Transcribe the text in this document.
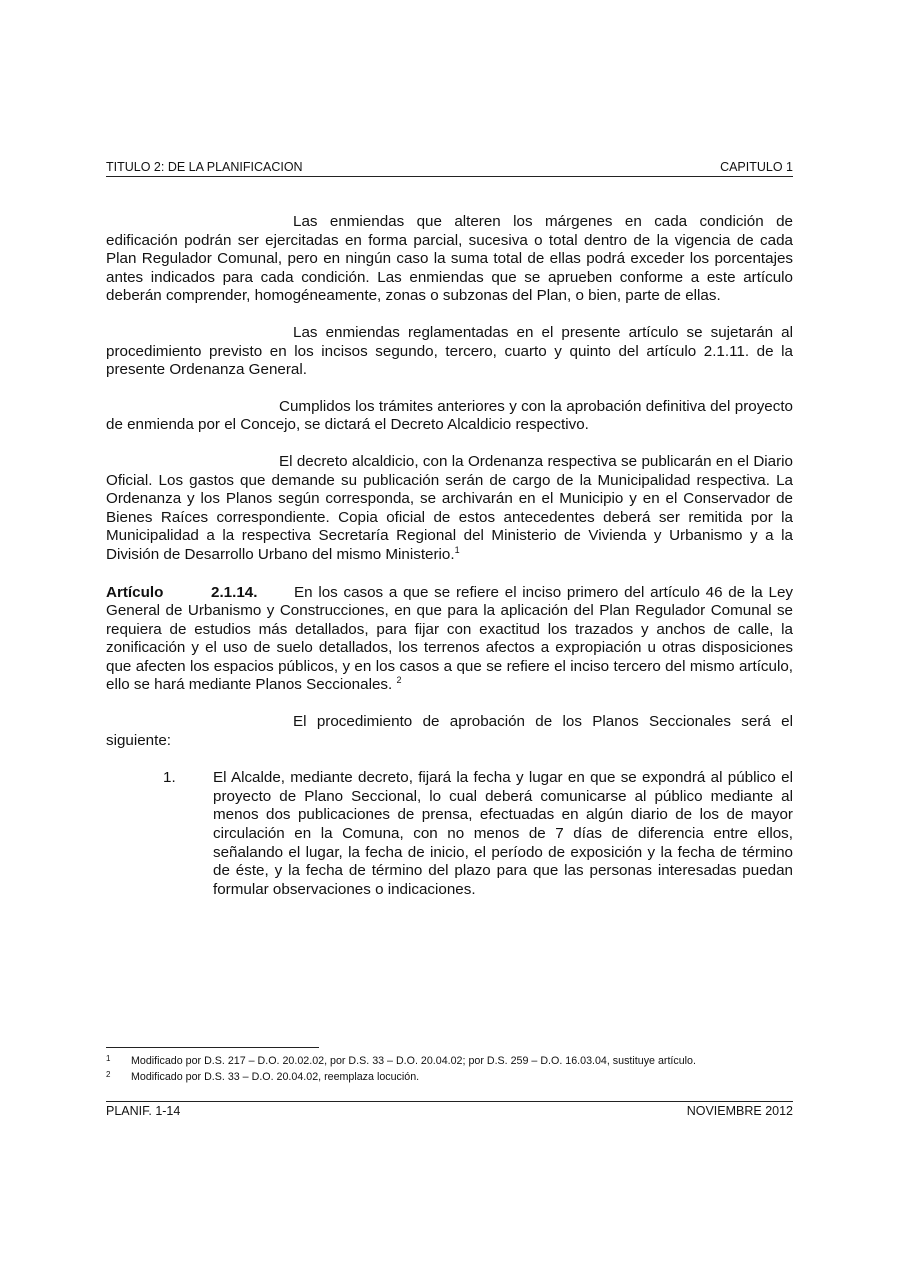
TITULO 2: DE LA PLANIFICACION	CAPITULO 1

Las enmiendas que alteren los márgenes en cada condición de edificación podrán ser ejercitadas en forma parcial, sucesiva o total dentro de la vigencia de cada Plan Regulador Comunal, pero en ningún caso la suma total de ellas podrá exceder los porcentajes antes indicados para cada condición. Las enmiendas que se aprueben conforme a este artículo deberán comprender, homogéneamente, zonas o subzonas del Plan, o bien, parte de ellas.

Las enmiendas reglamentadas en el presente artículo se sujetarán al procedimiento previsto en los incisos segundo, tercero, cuarto y quinto del artículo 2.1.11. de la presente Ordenanza General.

Cumplidos los trámites anteriores y con la aprobación definitiva del proyecto de enmienda por el Concejo, se dictará el Decreto Alcaldicio respectivo.

El decreto alcaldicio, con la Ordenanza respectiva se publicarán en el Diario Oficial. Los gastos que demande su publicación serán de cargo de la Municipalidad respectiva. La Ordenanza y los Planos según corresponda, se archivarán en el Municipio y en el Conservador de Bienes Raíces correspondiente. Copia oficial de estos antecedentes deberá ser remitida por la Municipalidad a la respectiva Secretaría Regional del Ministerio de Vivienda y Urbanismo y a la División de Desarrollo Urbano del mismo Ministerio.$^1$

Artículo	2.1.14. En los casos a que se refiere el inciso primero del artículo 46 de la Ley General de Urbanismo y Construcciones, en que para la aplicación del Plan Regulador Comunal se requiera de estudios más detallados, para fijar con exactitud los trazados y anchos de calle, la zonificación y el uso de suelo detallados, los terrenos afectos a expropiación u otras disposiciones que afecten los espacios públicos, y en los casos a que se refiere el inciso tercero del mismo artículo, ello se hará mediante Planos Seccionales. $^2$

El procedimiento de aprobación de los Planos Seccionales será el siguiente:

1. El Alcalde, mediante decreto, fijará la fecha y lugar en que se expondrá al público el proyecto de Plano Seccional, lo cual deberá comunicarse al público mediante al menos dos publicaciones de prensa, efectuadas en algún diario de los de mayor circulación en la Comuna, con no menos de 7 días de diferencia entre ellos, señalando el lugar, la fecha de inicio, el período de exposición y la fecha de término de éste, y la fecha de término del plazo para que las personas interesadas puedan formular observaciones o indicaciones.

1 Modificado por D.S. 217 – D.O. 20.02.02, por D.S. 33 – D.O. 20.04.02; por D.S. 259 – D.O. 16.03.04, sustituye artículo.
2 Modificado por D.S. 33 – D.O. 20.04.02, reemplaza locución.
PLANIF. 1-14	NOVIEMBRE 2012
